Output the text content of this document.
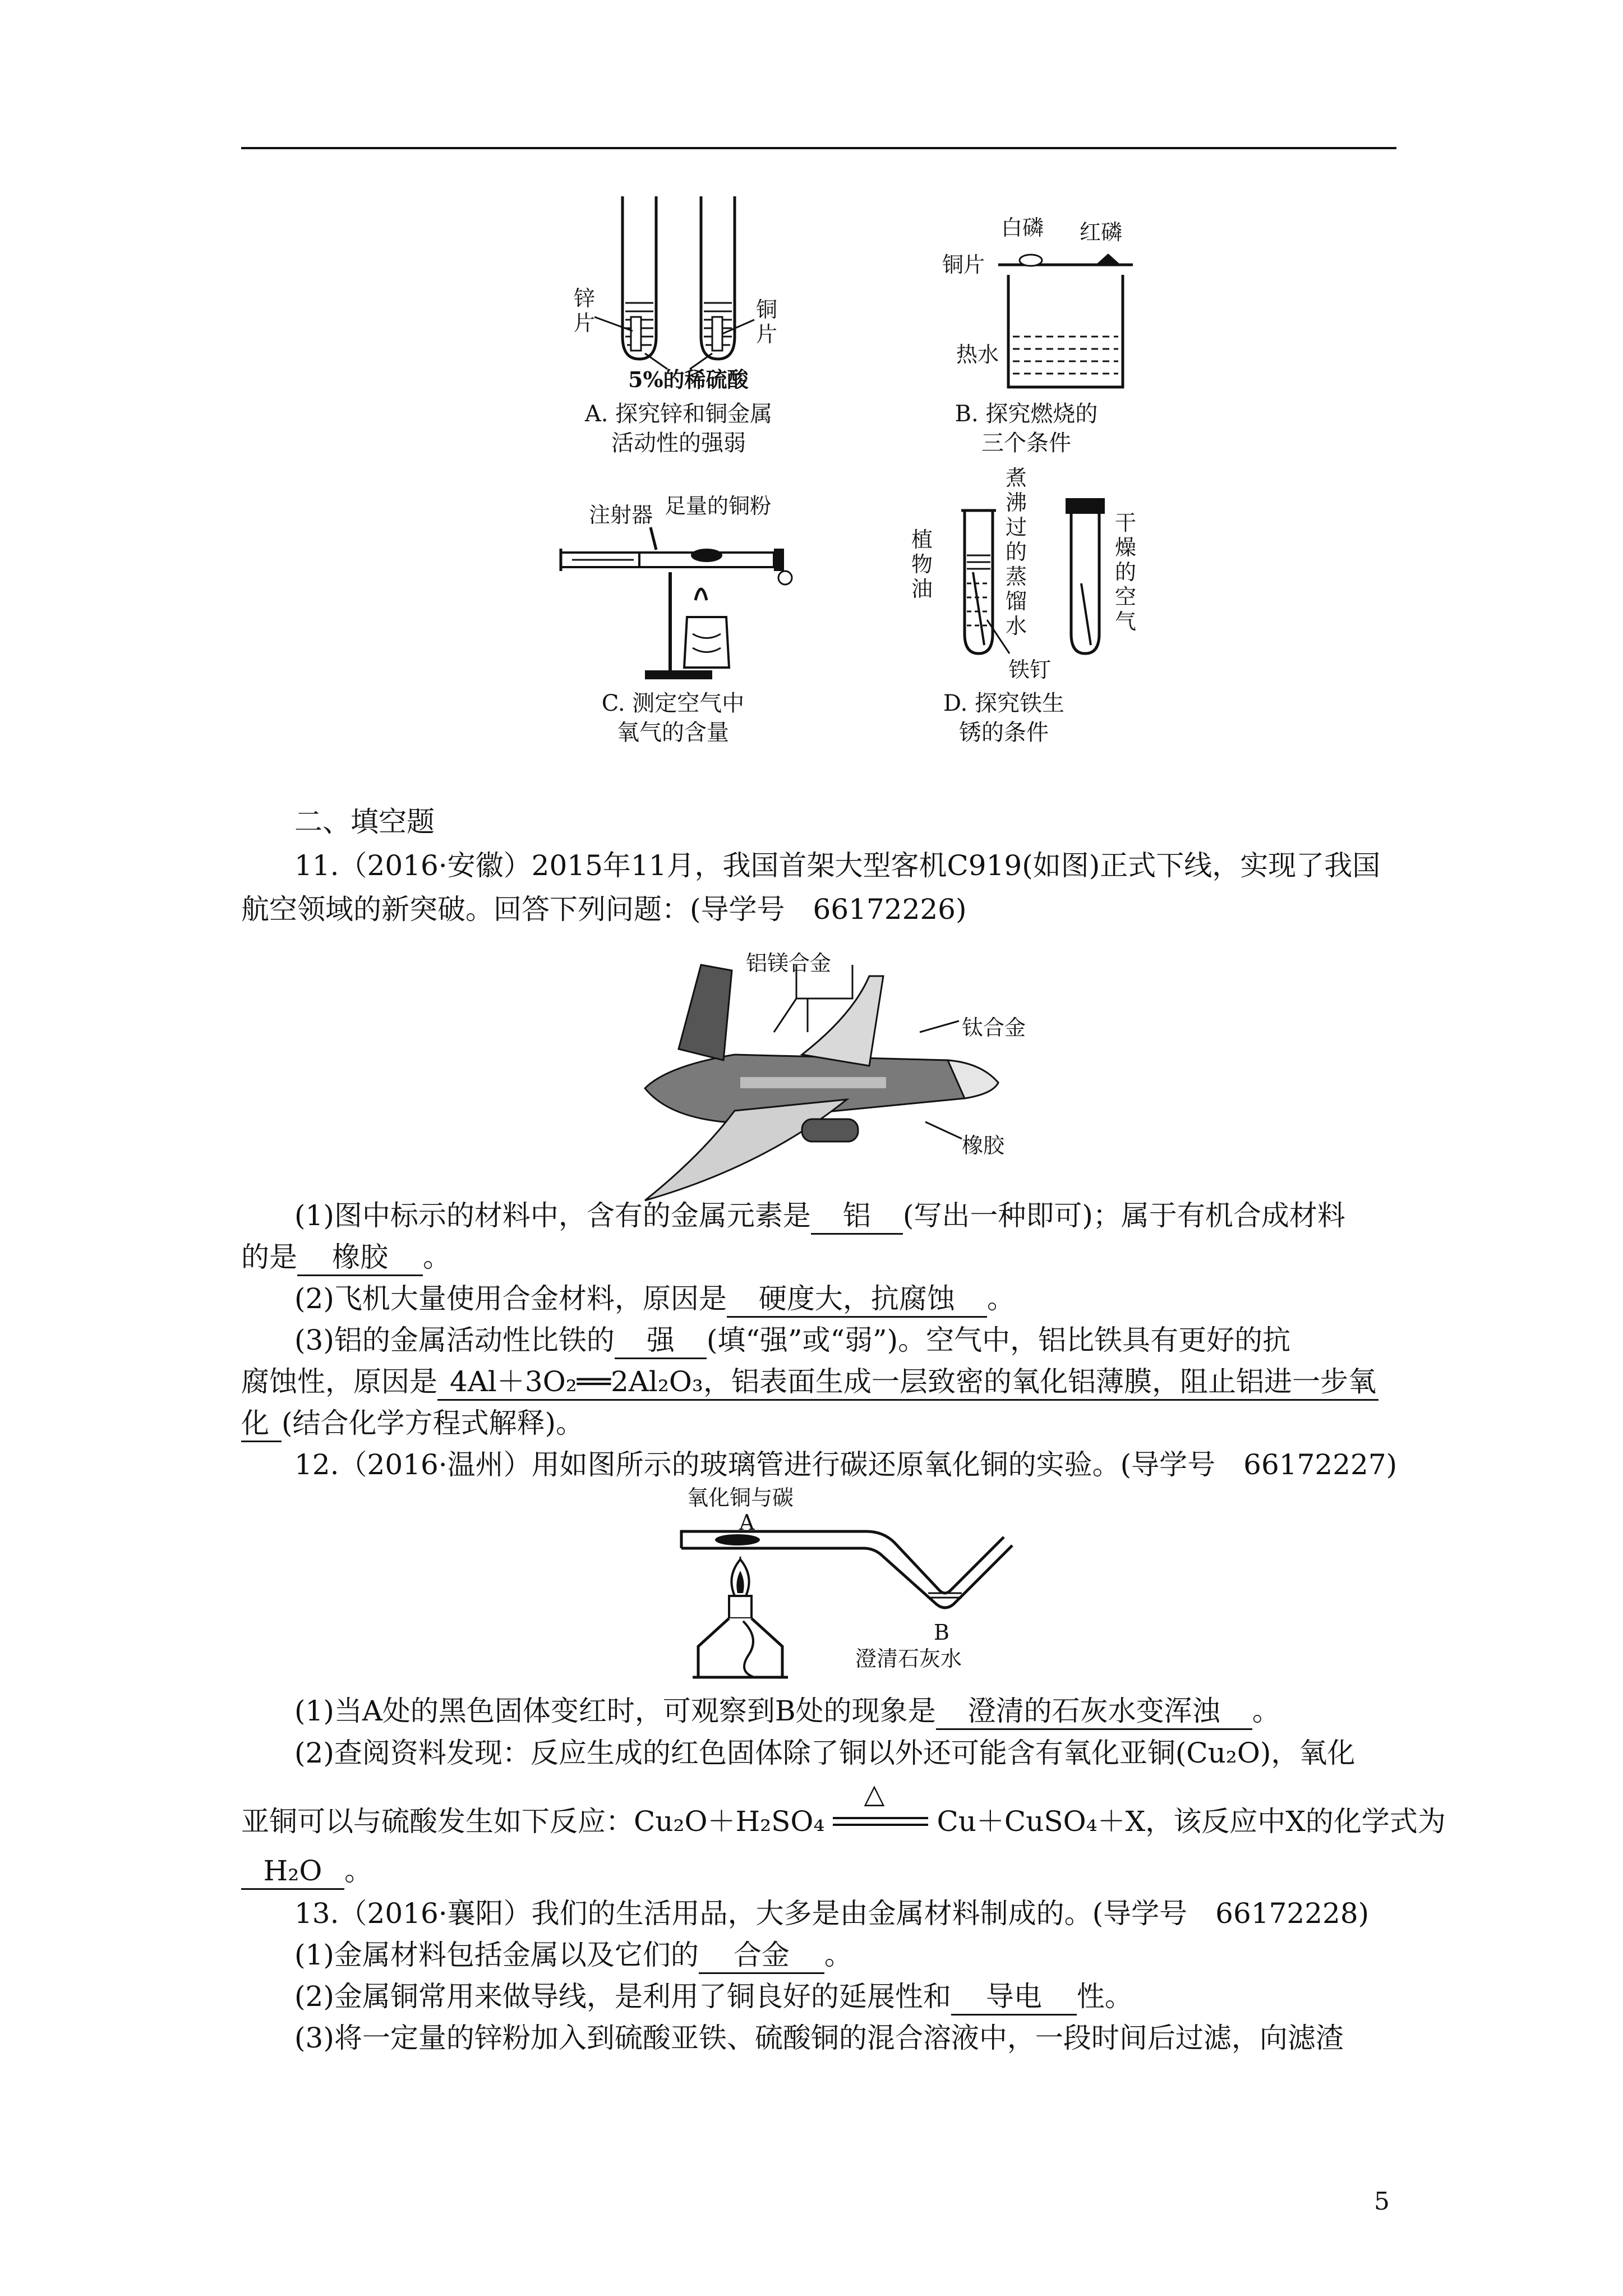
锌片
铜片
5%的稀硫酸
A. 探究锌和铜金属
活动性的强弱
白磷 红磷
铜片
热水
B. 探究燃烧的
三个条件
注射器 足量的铜粉
C. 测定空气中
氧气的含量
植物油
煮沸过的蒸馏水
干燥的空气
铁钉
D. 探究铁生
锈的条件
二、填空题
11.（2016·安徽）2015年11月，我国首架大型客机C919(如图)正式下线，实现了我国
航空领域的新突破。回答下列问题：(导学号　66172226)
铝镁合金
钛合金
橡胶
(1)图中标示的材料中，含有的金属元素是 铝 (写出一种即可)；属于有机合成材料
的是 橡胶 。
(2)飞机大量使用合金材料，原因是 硬度大，抗腐蚀 。
(3)铝的金属活动性比铁的 强 (填“强”或“弱”)。空气中，铝比铁具有更好的抗
腐蚀性，原因是 4Al＋3O₂══2Al₂O₃，铝表面生成一层致密的氧化铝薄膜，阻止铝进一步氧
化 (结合化学方程式解释)。
12.（2016·温州）用如图所示的玻璃管进行碳还原氧化铜的实验。(导学号　66172227)
氧化铜与碳
A
B
澄清石灰水
(1)当A处的黑色固体变红时，可观察到B处的现象是 澄清的石灰水变浑浊 。
(2)查阅资料发现：反应生成的红色固体除了铜以外还可能含有氧化亚铜(Cu₂O)，氧化
亚铜可以与硫酸发生如下反应：Cu₂O＋H₂SO₄
△
Cu＋CuSO₄＋X，该反应中X的化学式为
H₂O 。
13.（2016·襄阳）我们的生活用品，大多是由金属材料制成的。(导学号　66172228)
(1)金属材料包括金属以及它们的 合金 。
(2)金属铜常用来做导线，是利用了铜良好的延展性和 导电 性。
(3)将一定量的锌粉加入到硫酸亚铁、硫酸铜的混合溶液中，一段时间后过滤，向滤渣
5
